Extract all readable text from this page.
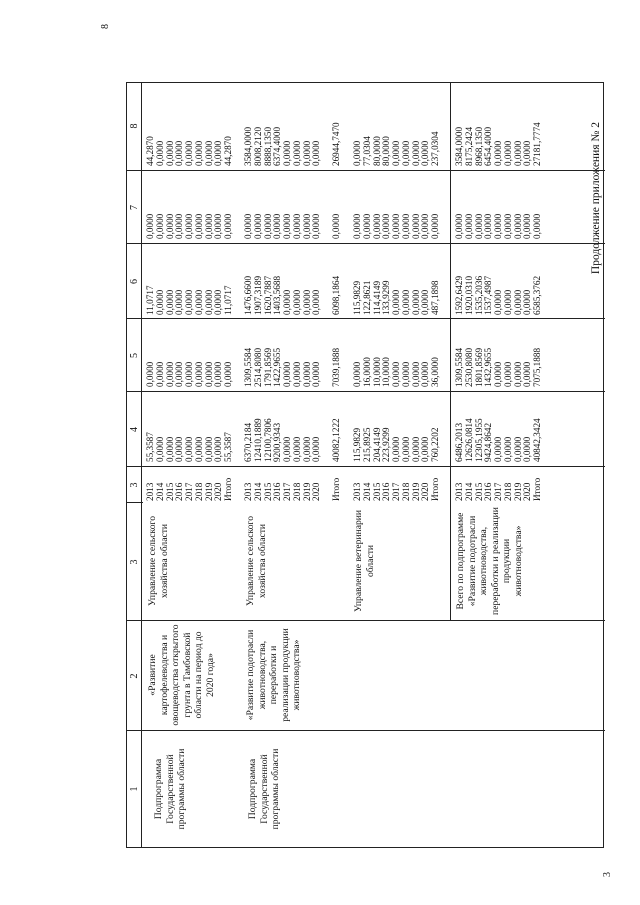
Продолжение приложения № 2
1
2
3
3
4
5
6
7
8
Подпрограмма Государственной программы области
«Развитие картофелеводства и овощеводства открытого грунта в Тамбовской области на период до 2020 года»
Управление сельского хозяйства области
2013
2014
2015
2016
2017
2018
2019
2020
Итого
55,3587
0,0000
0,0000
0,0000
0,0000
0,0000
0,0000
0,0000
55,3587
0,0000
0,0000
0,0000
0,0000
0,0000
0,0000
0,0000
0,0000
0,0000
11,0717
0,0000
0,0000
0,0000
0,0000
0,0000
0,0000
0,0000
11,0717
0,0000
0,0000
0,0000
0,0000
0,0000
0,0000
0,0000
0,0000
0,0000
44,2870
0,0000
0,0000
0,0000
0,0000
0,0000
0,0000
0,0000
44,2870
Подпрограмма Государственной программы области
«Развитие подотрасли животноводства, переработки и реализации продукции животноводства»
Управление сельского хозяйства области
2013
2014
2015
2016
2017
2018
2019
2020

Итого
6370,2184
12410,1889
12100,7806
9200,9343
0,0000
0,0000
0,0000
0,0000

40082,1222
1309,5584
2514,8080
1791,8569
1422,9655
0,0000
0,0000
0,0000
0,0000

7039,1888
1476,6600
1907,3189
1620,7887
1403,5688
0,0000
0,0000
0,0000
0,0000

6098,1864
0,0000
0,0000
0,0000
0,0000
0,0000
0,0000
0,0000
0,0000

0,0000
3584,0000
8008,2120
8888,1350
6374,4000
0,0000
0,0000
0,0000
0,0000

26944,7470
Управление ветеринарии области
2013
2014
2015
2016
2017
2018
2019
2020
Итого
115,9829
215,8925
204,4149
223,9299
0,0000
0,0000
0,0000
0,0000
760,2202
0,0000
16,0000
10,0000
10,0000
0,0000
0,0000
0,0000
0,0000
36,0000
115,9829
122,8621
114,4149
133,9299
0,0000
0,0000
0,0000
0,0000
487,1898
0,0000
0,0000
0,0000
0,0000
0,0000
0,0000
0,0000
0,0000
0,0000
0,0000
77,0304
80,0000
80,0000
0,0000
0,0000
0,0000
0,0000
237,0304
Всего по подпрограмме «Развитие подотрасли животноводства, переработки и реализации продукции животноводства»
2013
2014
2015
2016
2017
2018
2019
2020
Итого
6486,2013
12626,0814
12305,1955
9424,8642
0,0000
0,0000
0,0000
0,0000
40842,3424
1309,5584
2530,8080
1801,8569
1432,9655
0,0000
0,0000
0,0000
0,0000
7075,1888
1592,6429
1920,0310
1535,2036
1537,4987
0,0000
0,0000
0,0000
0,0000
6585,3762
0,0000
0,0000
0,0000
0,0000
0,0000
0,0000
0,0000
0,0000
0,0000
3584,0000
8175,2424
8968,1350
6454,4000
0,0000
0,0000
0,0000
0,0000
27181,7774
8
3
